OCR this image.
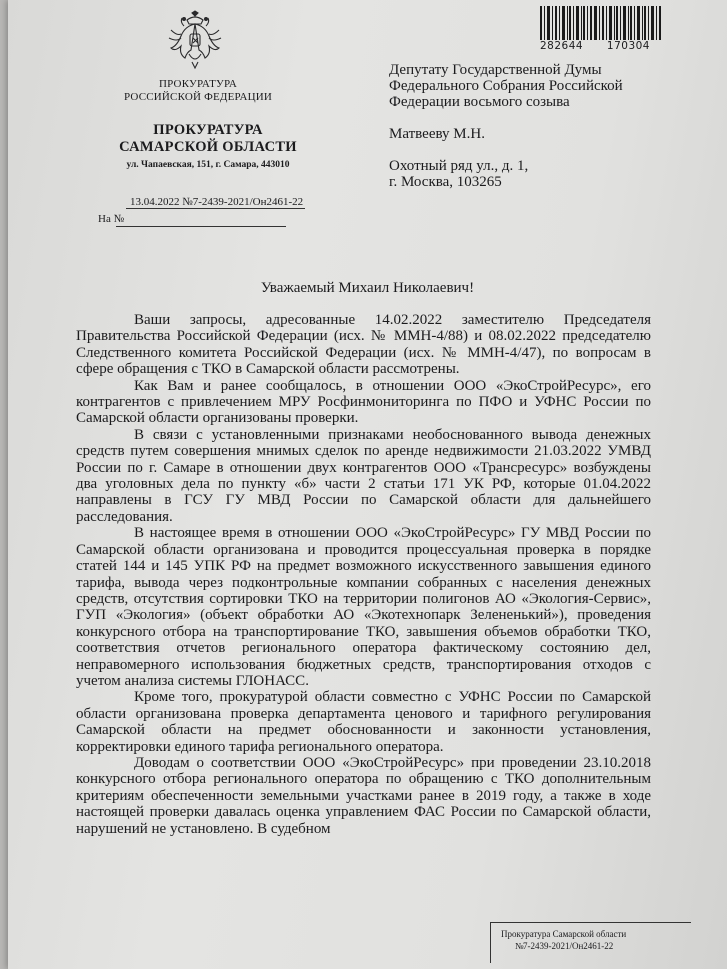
ПРОКУРАТУРА
РОССИЙСКОЙ ФЕДЕРАЦИИ
ПРОКУРАТУРА
САМАРСКОЙ ОБЛАСТИ
ул. Чапаевская, 151, г. Самара, 443010
13.04.2022 №7-2439-2021/Он2461-22
На №
282644 170304
Депутату Государственной Думы
Федерального Собрания Российской
Федерации восьмого созыва
Матвееву М.Н.
Охотный ряд ул., д. 1,
г. Москва, 103265
Уважаемый Михаил Николаевич!

Ваши запросы, адресованные 14.02.2022 заместителю Председателя Правительства Российской Федерации (исх. № ММН-4/88) и 08.02.2022 председателю Следственного комитета Российской Федерации (исх. № ММН-4/47), по вопросам в сфере обращения с ТКО в Самарской области рассмотрены.

Как Вам и ранее сообщалось, в отношении ООО «ЭкоСтройРесурс», его контрагентов с привлечением МРУ Росфинмониторинга по ПФО и УФНС России по Самарской области организованы проверки.

В связи с установленными признаками необоснованного вывода денежных средств путем совершения мнимых сделок по аренде недвижимости 21.03.2022 УМВД России по г. Самаре в отношении двух контрагентов ООО «Трансресурс» возбуждены два уголовных дела по пункту «б» части 2 статьи 171 УК РФ, которые 01.04.2022 направлены в ГСУ ГУ МВД России по Самарской области для дальнейшего расследования.

В настоящее время в отношении ООО «ЭкоСтройРесурс» ГУ МВД России по Самарской области организована и проводится процессуальная проверка в порядке статей 144 и 145 УПК РФ на предмет возможного искусственного завышения единого тарифа, вывода через подконтрольные компании собранных с населения денежных средств, отсутствия сортировки ТКО на территории полигонов АО «Экология-Сервис», ГУП «Экология» (объект обработки АО «Экотехнопарк Зелененький»), проведения конкурсного отбора на транспортирование ТКО, завышения объемов обработки ТКО, соответствия отчетов регионального оператора фактическому состоянию дел, неправомерного использования бюджетных средств, транспортирования отходов с учетом анализа системы ГЛОНАСС.

Кроме того, прокуратурой области совместно с УФНС России по Самарской области организована проверка департамента ценового и тарифного регулирования Самарской области на предмет обоснованности и законности установления, корректировки единого тарифа регионального оператора.

Доводам о соответствии ООО «ЭкоСтройРесурс» при проведении 23.10.2018 конкурсного отбора регионального оператора по обращению с ТКО дополнительным критериям обеспеченности земельными участками ранее в 2019 году, а также в ходе настоящей проверки давалась оценка управлением ФАС России по Самарской области, нарушений не установлено. В судебном

Прокуратура Самарской области
№ 7-2439-2021/Он2461-22
